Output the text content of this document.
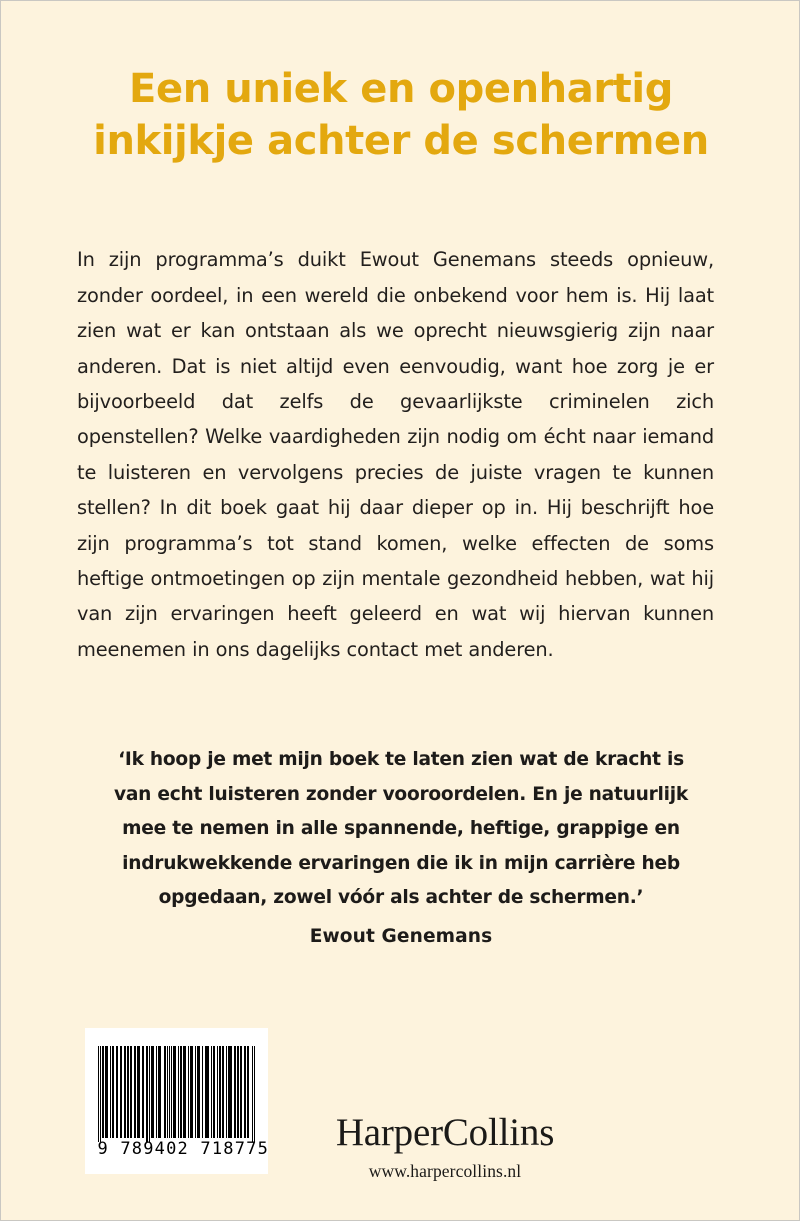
Een uniek en openhartig
inkijkje achter de schermen

In zijn programma’s duikt Ewout Genemans steeds opnieuw, zonder oordeel, in een wereld die onbekend voor hem is. Hij laat zien wat er kan ontstaan als we oprecht nieuwsgierig zijn naar anderen. Dat is niet altijd even eenvoudig, want hoe zorg je er bijvoorbeeld dat zelfs de gevaarlijkste criminelen zich openstellen? Welke vaardigheden zijn nodig om écht naar iemand te luisteren en vervolgens precies de juiste vragen te kunnen stellen? In dit boek gaat hij daar dieper op in. Hij beschrijft hoe zijn programma’s tot stand komen, welke effecten de soms heftige ontmoetingen op zijn mentale gezondheid hebben, wat hij van zijn ervaringen heeft geleerd en wat wij hiervan kunnen meenemen in ons dagelijks contact met anderen.

‘Ik hoop je met mijn boek te laten zien wat de kracht is
van echt luisteren zonder vooroordelen. En je natuurlijk
mee te nemen in alle spannende, heftige, grappige en
indrukwekkende ervaringen die ik in mijn carrière heb
opgedaan, zowel vóór als achter de schermen.’
Ewout Genemans
9 789402 718775	HarperCollins
www.harpercollins.nl
